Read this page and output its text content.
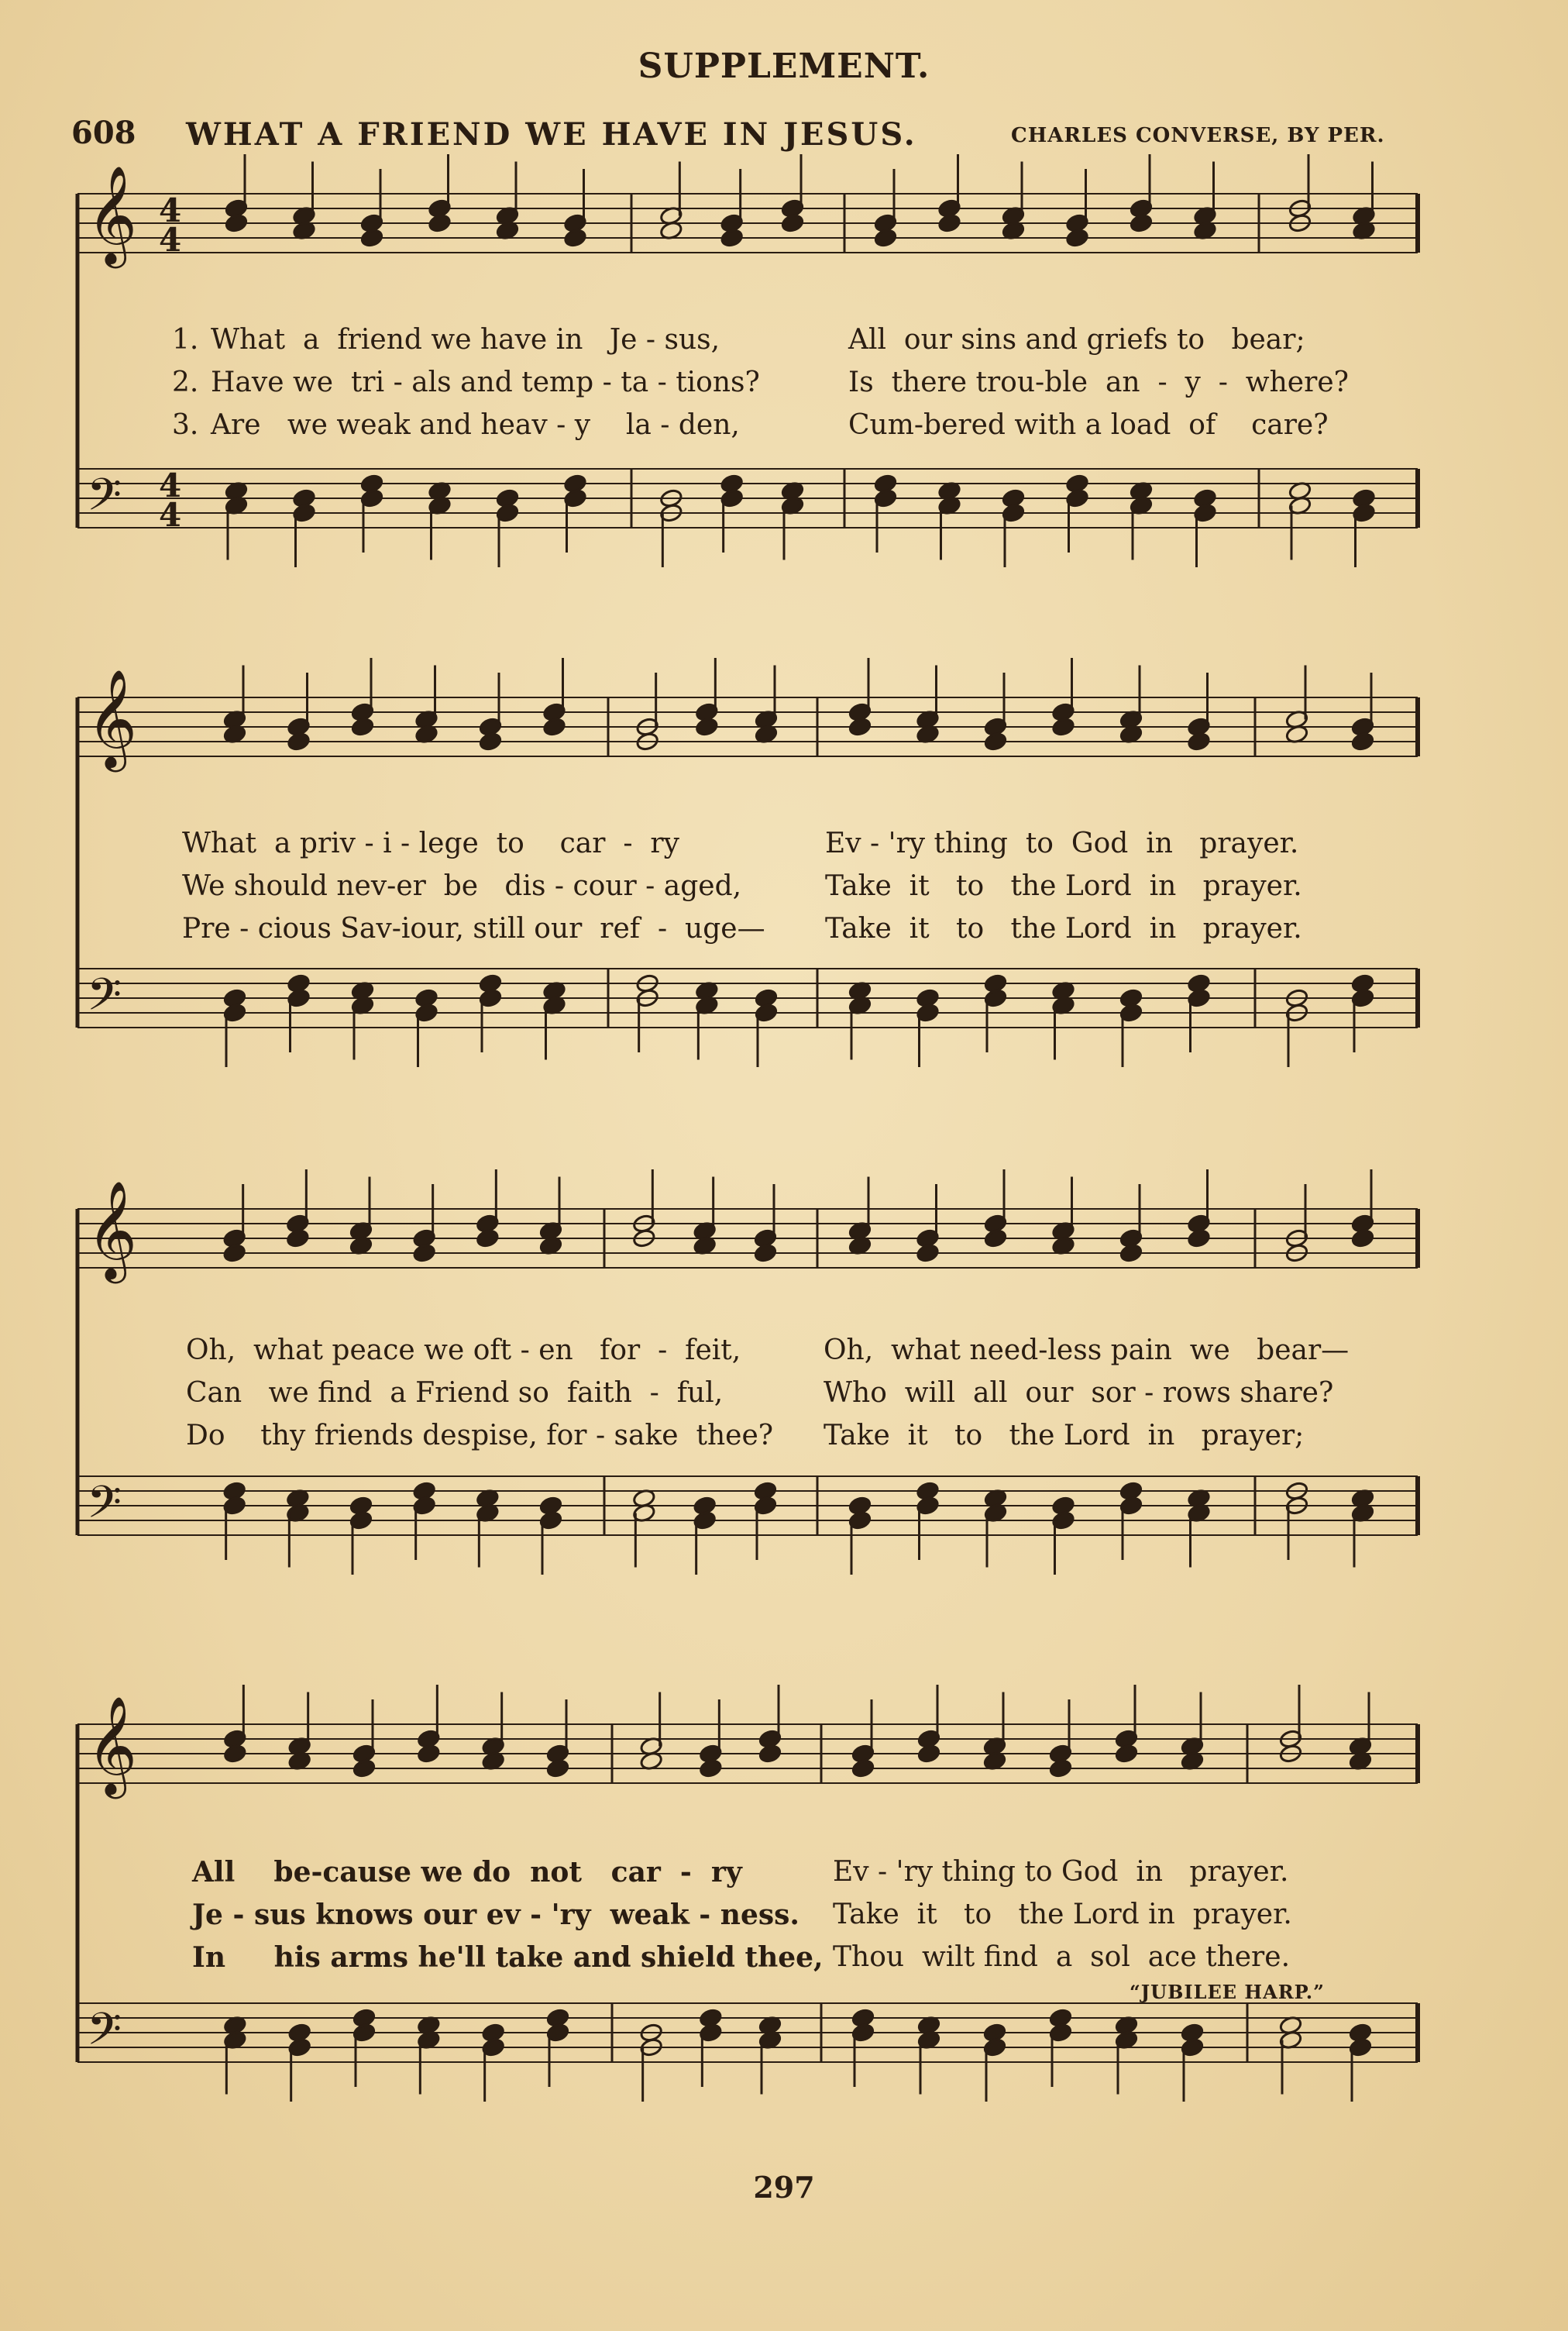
SUPPLEMENT.
608 WHAT A FRIEND WE HAVE IN JESUS.	CHARLES CONVERSE, BY PER.
𝄞 4
4
𝄢 4
4
𝄞
𝄢
𝄞
𝄢
𝄞
𝄢
1. What  a  friend we have in   Je - sus,	All  our sins and griefs to   bear;
2. Have we  tri - als and temp - ta - tions?	Is  there trou-ble  an  -  y  -  where?
3. Are   we weak and heav - y    la - den,	Cum-bered with a load  of    care?
What  a priv - i - lege  to    car  -  ry	Ev - 'ry thing  to  God  in   prayer.
We should nev-er  be   dis - cour - aged,	Take  it   to   the Lord  in   prayer.
Pre - cious Sav-iour, still our  ref  -  uge— Take  it   to   the Lord  in   prayer.
Oh,  what peace we oft - en   for  -  feit,	Oh,  what need-less pain  we   bear—
Can   we find  a Friend so  faith  -  ful,	Who  will  all  our  sor - rows share?
Do    thy friends despise, for - sake  thee? Take  it   to   the Lord  in   prayer;
All    be-cause we do  not   car  -  ry	Ev - 'ry thing to God  in   prayer.
Je - sus knows our ev - 'ry  weak - ness. Take  it   to   the Lord in  prayer.
In     his arms he'll take and shield thee, Thou  wilt find  a  sol  ace there.
“JUBILEE HARP.”
297
